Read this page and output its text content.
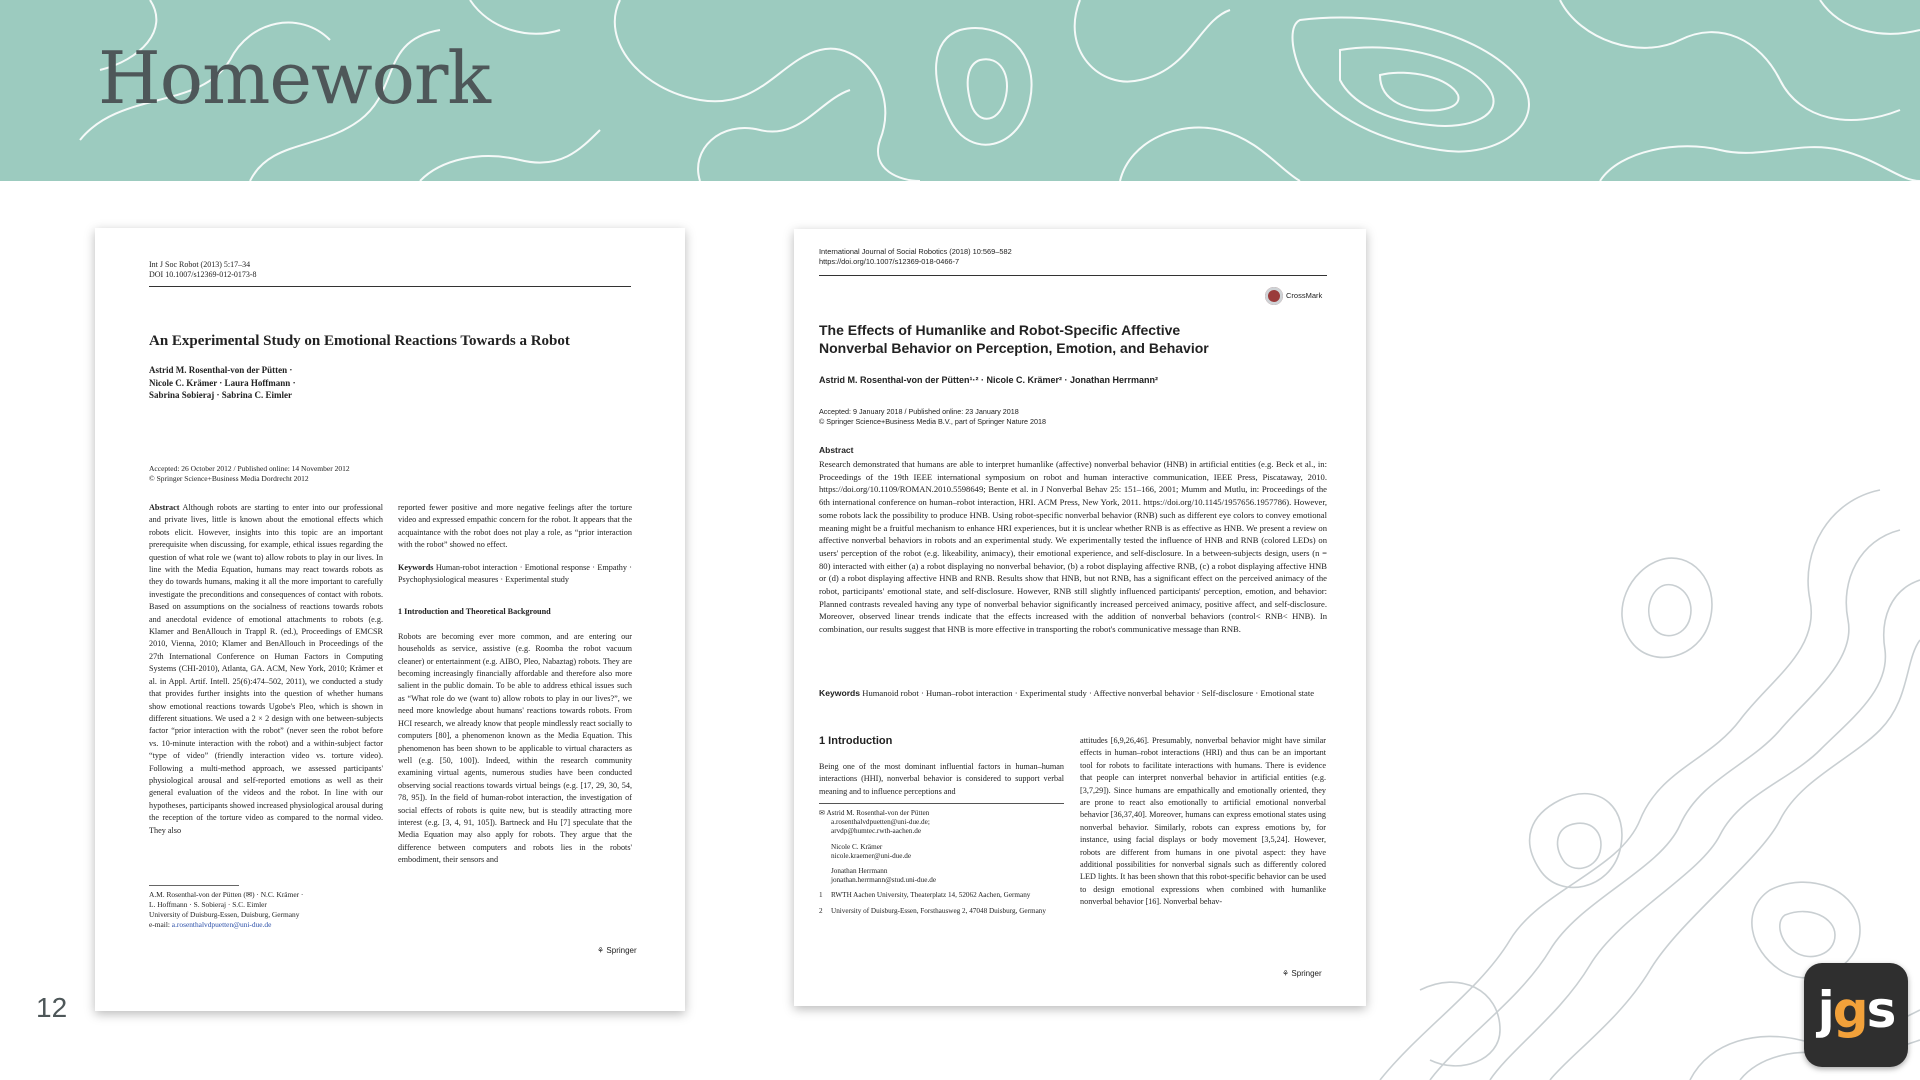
Homework
12	jgs
Int J Soc Robot (2013) 5:17–34
DOI 10.1007/s12369-012-0173-8
An Experimental Study on Emotional Reactions Towards a Robot
Astrid M. Rosenthal-von der Pütten ·
Nicole C. Krämer · Laura Hoffmann ·
Sabrina Sobieraj · Sabrina C. Eimler
Accepted: 26 October 2012 / Published online: 14 November 2012
© Springer Science+Business Media Dordrecht 2012
Abstract Although robots are starting to enter into our professional and private lives, little is known about the emotional effects which robots elicit. However, insights into this topic are an important prerequisite when discussing, for example, ethical issues regarding the question of what role we (want to) allow robots to play in our lives. In line with the Media Equation, humans may react towards robots as they do towards humans, making it all the more important to carefully investigate the preconditions and consequences of contact with robots. Based on assumptions on the socialness of reactions towards robots and anecdotal evidence of emotional attachments to robots (e.g. Klamer and BenAllouch in Trappl R. (ed.), Proceedings of EMCSR 2010, Vienna, 2010; Klamer and BenAllouch in Proceedings of the 27th International Conference on Human Factors in Computing Systems (CHI-2010), Atlanta, GA. ACM, New York, 2010; Krämer et al. in Appl. Artif. Intell. 25(6):474–502, 2011), we conducted a study that provides further insights into the question of whether humans show emotional reactions towards Ugobe's Pleo, which is shown in different situations. We used a 2 × 2 design with one between-subjects factor “prior interaction with the robot” (never seen the robot before vs. 10-minute interaction with the robot) and a within-subject factor “type of video” (friendly interaction video vs. torture video). Following a multi-method approach, we assessed participants' physiological arousal and self-reported emotions as well as their general evaluation of the videos and the robot. In line with our hypotheses, participants showed increased physiological arousal during the reception of the torture video as compared to the normal video. They also
reported fewer positive and more negative feelings after the torture video and expressed empathic concern for the robot. It appears that the acquaintance with the robot does not play a role, as “prior interaction with the robot” showed no effect.
Keywords Human-robot interaction · Emotional response · Empathy · Psychophysiological measures · Experimental study
1 Introduction and Theoretical Background
Robots are becoming ever more common, and are entering our households as service, assistive (e.g. Roomba the robot vacuum cleaner) or entertainment (e.g. AIBO, Pleo, Nabaztag) robots. They are becoming increasingly financially affordable and therefore also more salient in the public domain. To be able to address ethical issues such as “What role do we (want to) allow robots to play in our lives?”, we need more knowledge about humans' reactions towards robots. From HCI research, we already know that people mindlessly react socially to computers [80], a phenomenon known as the Media Equation. This phenomenon has been shown to be applicable to virtual characters as well (e.g. [50, 100]). Indeed, within the research community examining virtual agents, numerous studies have been conducted observing social reactions towards virtual beings (e.g. [17, 29, 30, 54, 78, 95]). In the field of human-robot interaction, the investigation of social effects of robots is quite new, but is steadily attracting more interest (e.g. [3, 4, 91, 105]). Bartneck and Hu [7] speculate that the Media Equation may also apply for robots. They argue that the difference between computers and robots lies in the robots' embodiment, their sensors and
A.M. Rosenthal-von der Pütten (✉) · N.C. Krämer ·
L. Hoffmann · S. Sobieraj · S.C. Eimler
University of Duisburg-Essen, Duisburg, Germany
e-mail: a.rosenthalvdpuetten@uni-due.de
⚘ Springer
International Journal of Social Robotics (2018) 10:569–582
https://doi.org/10.1007/s12369-018-0466-7
CrossMark
The Effects of Humanlike and Robot-Specific Affective Nonverbal Behavior on Perception, Emotion, and Behavior
Astrid M. Rosenthal-von der Pütten¹·² · Nicole C. Krämer² · Jonathan Herrmann²
Accepted: 9 January 2018 / Published online: 23 January 2018
© Springer Science+Business Media B.V., part of Springer Nature 2018
Abstract
Research demonstrated that humans are able to interpret humanlike (affective) nonverbal behavior (HNB) in artificial entities (e.g. Beck et al., in: Proceedings of the 19th IEEE international symposium on robot and human interactive communication, IEEE Press, Piscataway, 2010. https://doi.org/10.1109/ROMAN.2010.5598649; Bente et al. in J Nonverbal Behav 25: 151–166, 2001; Mumm and Mutlu, in: Proceedings of the 6th international conference on human–robot interaction, HRI. ACM Press, New York, 2011. https://doi.org/10.1145/1957656.1957786). However, some robots lack the possibility to produce HNB. Using robot-specific nonverbal behavior (RNB) such as different eye colors to convey emotional meaning might be a fruitful mechanism to enhance HRI experiences, but it is unclear whether RNB is as effective as HNB. We present a review on affective nonverbal behaviors in robots and an experimental study. We experimentally tested the influence of HNB and RNB (colored LEDs) on users' perception of the robot (e.g. likeability, animacy), their emotional experience, and self-disclosure. In a between-subjects design, users (n = 80) interacted with either (a) a robot displaying no nonverbal behavior, (b) a robot displaying affective RNB, (c) a robot displaying affective HNB or (d) a robot displaying affective HNB and RNB. Results show that HNB, but not RNB, has a significant effect on the perceived animacy of the robot, participants' emotional state, and self-disclosure. However, RNB still slightly influenced participants' perception, emotion, and behavior: Planned contrasts revealed having any type of nonverbal behavior significantly increased perceived animacy, positive affect, and self-disclosure. Moreover, observed linear trends indicate that the effects increased with the addition of nonverbal behaviors (control< RNB< HNB). In combination, our results suggest that HNB is more effective in transporting the robot's communicative message than RNB.
Keywords Humanoid robot · Human–robot interaction · Experimental study · Affective nonverbal behavior · Self-disclosure · Emotional state
1 Introduction
Being one of the most dominant influential factors in human–human interactions (HHI), nonverbal behavior is considered to support verbal meaning and to influence perceptions and
✉ Astrid M. Rosenthal-von der Pütten
a.rosenthalvdpuetten@uni-due.de;
arvdp@humtec.rwth-aachen.de
Nicole C. Krämer
nicole.kraemer@uni-due.de
Jonathan Herrmann
jonathan.herrmann@stud.uni-due.de
1	RWTH Aachen University, Theaterplatz 14, 52062 Aachen, Germany
2	University of Duisburg-Essen, Forsthausweg 2, 47048 Duisburg, Germany
attitudes [6,9,26,46]. Presumably, nonverbal behavior might have similar effects in human–robot interactions (HRI) and thus can be an important tool for robots to facilitate interactions with humans. There is evidence that people can interpret nonverbal behavior in artificial entities (e.g. [3,7,29]). Since humans are empathically and emotionally oriented, they are prone to react also emotionally to artificial emotional nonverbal behavior [36,37,40]. Moreover, humans can express emotional states using nonverbal behavior. Similarly, robots can express emotions by, for instance, using facial displays or body movement [3,5,24]. However, robots are different from humans in one pivotal aspect: they have additional possibilities for nonverbal signals such as differently colored LED lights. It has been shown that this robot-specific behavior can be used to design emotional expressions when combined with humanlike nonverbal behavior [16]. Nonverbal behav-
⚘ Springer
